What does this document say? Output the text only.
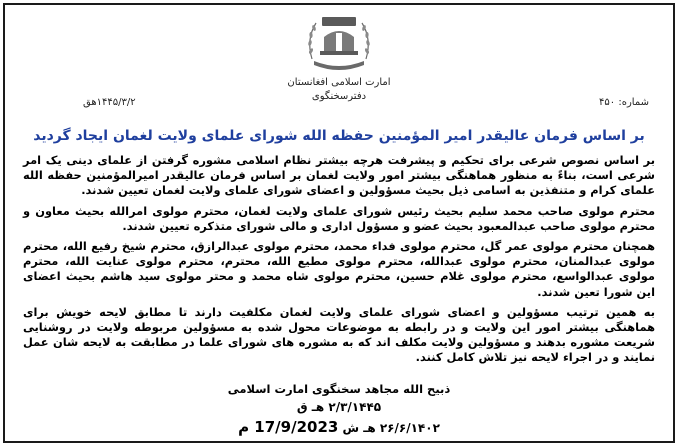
امارت اسلامی افغانستان
دفترسخنگوی
شماره: ۴۵۰
۱۴۴۵/۳/۲هق
بر اساس فرمان عالیقدر امیر المؤمنین حفظه الله شورای علمای ولایت لغمان ایجاد گردید

بر اساس نصوص شرعی برای تحکیم و پیشرفت هرچه بیشتر نظام اسلامی مشوره گرفتن از علمای دینی یک امر شرعی است، بناءً به منظور هماهنگی بیشتر امور ولایت لغمان بر اساس فرمان عالیقدر امیرالمؤمنین حفظه الله علمای کرام و متنفذین به اسامی ذیل بحیث مسؤولین و اعضای شورای علمای ولایت لغمان تعیین شدند.

محترم مولوی صاحب محمد سلیم بحیث رئیس شورای علمای ولایت لغمان، محترم مولوی امرالله بحیث معاون و محترم مولوی صاحب عبدالمعبود بحیث عضو و مسؤول اداری و مالی شورای متذکره تعیین شدند.

همچنان محترم مولوی عمر گل، محترم مولوی فداء محمد، محترم مولوی عبدالرازق، محترم شیخ رفیع الله، محترم مولوی عبدالمنان، محترم مولوی عبدالله، محترم مولوی مطیع الله، محترم، محترم مولوی عنایت الله، محترم مولوی عبدالواسع، محترم مولوی غلام حسین، محترم مولوی شاه محمد و محتر مولوی سید هاشم بحیث اعضای این شورا تعین شدند.

به همین ترتیب مسؤولین و اعضای شورای علمای ولایت لغمان مکلفیت دارند تا مطابق لایحه خویش برای هماهنگی بیشتر امور این ولایت و در رابطه به موضوعات محول شده به مسؤولین مربوطه ولایت در روشنایی شریعت مشوره بدهند و مسؤولین ولایت مکلف اند که به مشوره های شورای علما در مطابقت به لایحه شان عمل نمایند و در اجراء لایحه نیز تلاش کامل کنند.

ذبیح الله مجاهد سخنگوی امارت اسلامی
۲/۳/۱۴۴۵ هـ ق
۲۶/۶/۱۴۰۲ هـ ش 17/9/2023 م
